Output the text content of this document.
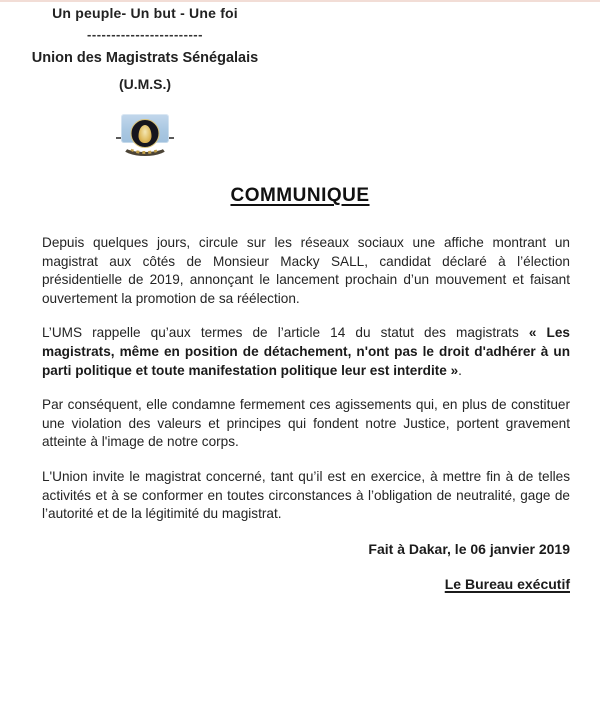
Un peuple- Un but - Une foi
------------------------
Union des Magistrats Sénégalais
(U.M.S.)
COMMUNIQUE

Depuis quelques jours, circule sur les réseaux sociaux une affiche montrant un magistrat aux côtés de Monsieur Macky SALL, candidat déclaré à l’élection présidentielle de 2019, annonçant le lancement prochain d’un mouvement et faisant ouvertement la promotion de sa réélection.

L’UMS rappelle qu’aux termes de l’article 14 du statut des magistrats « Les magistrats, même en position de détachement, n'ont pas le droit d'adhérer à un parti politique et toute manifestation politique leur est interdite ».

Par conséquent, elle condamne fermement ces agissements qui, en plus de constituer une violation des valeurs et principes qui fondent notre Justice, portent gravement atteinte à l'image de notre corps.

L'Union invite le magistrat concerné, tant qu’il est en exercice, à mettre fin à de telles activités et à se conformer en toutes circonstances à l’obligation de neutralité, gage de l’autorité et de la légitimité du magistrat.

Fait à Dakar, le 06 janvier 2019
Le Bureau exécutif
